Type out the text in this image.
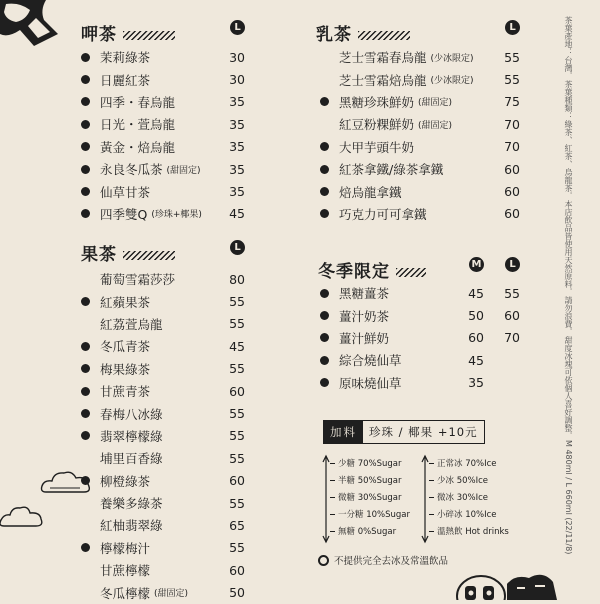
呷茶	L
茉莉綠茶	30
日麗紅茶	30
四季・春烏龍	35
日光・萱烏龍	35
黃金・焙烏龍	35
永良冬瓜茶 (甜固定)	35
仙草甘茶	35
四季雙Q (珍珠+椰果)	45
果茶	L
葡萄雪霜莎莎	80
紅蘋果茶	55
紅荔萱烏龍	55
冬瓜青茶	45
梅果綠茶	55
甘蔗青茶	60
春梅八冰綠	55
翡翠檸檬綠	55
埔里百香綠	55
柳橙綠茶	60
養樂多綠茶	55
紅柚翡翠綠	65
檸檬梅汁	55
甘蔗檸檬	60
冬瓜檸檬 (甜固定)	50
乳茶	L
芝士雪霜春烏龍 (少冰限定)	55
芝士雪霜焙烏龍 (少冰限定)	55
黑糖珍珠鮮奶 (甜固定)	75
紅豆粉粿鮮奶 (甜固定)	70
大甲芋頭牛奶	70
紅茶拿鐵/綠茶拿鐵	60
焙烏龍拿鐵	60
巧克力可可拿鐵	60
冬季限定	M	L
黑糖薑茶	45	55
薑汁奶茶	50	60
薑汁鮮奶	60	70
綜合燒仙草	45
原味燒仙草	35
加料	珍珠 / 椰果 +10元
少糖 70%Sugar
半糖 50%Sugar
微糖 30%Sugar
一分糖 10%Sugar
無糖 0%Sugar
正常冰 70%Ice
少冰 50%Ice
微冰 30%Ice
小碎冰 10%Ice
溫熱飲 Hot drinks
不提供完全去冰及常溫飲品
茶葉產地：台灣．茶葉種類：綠茶、紅茶、烏龍茶．本店飲品皆使用天然原料．請勿浪費．甜度冰塊可依個人喜好調整．M 480ml / L 660ml (22/11/8)
